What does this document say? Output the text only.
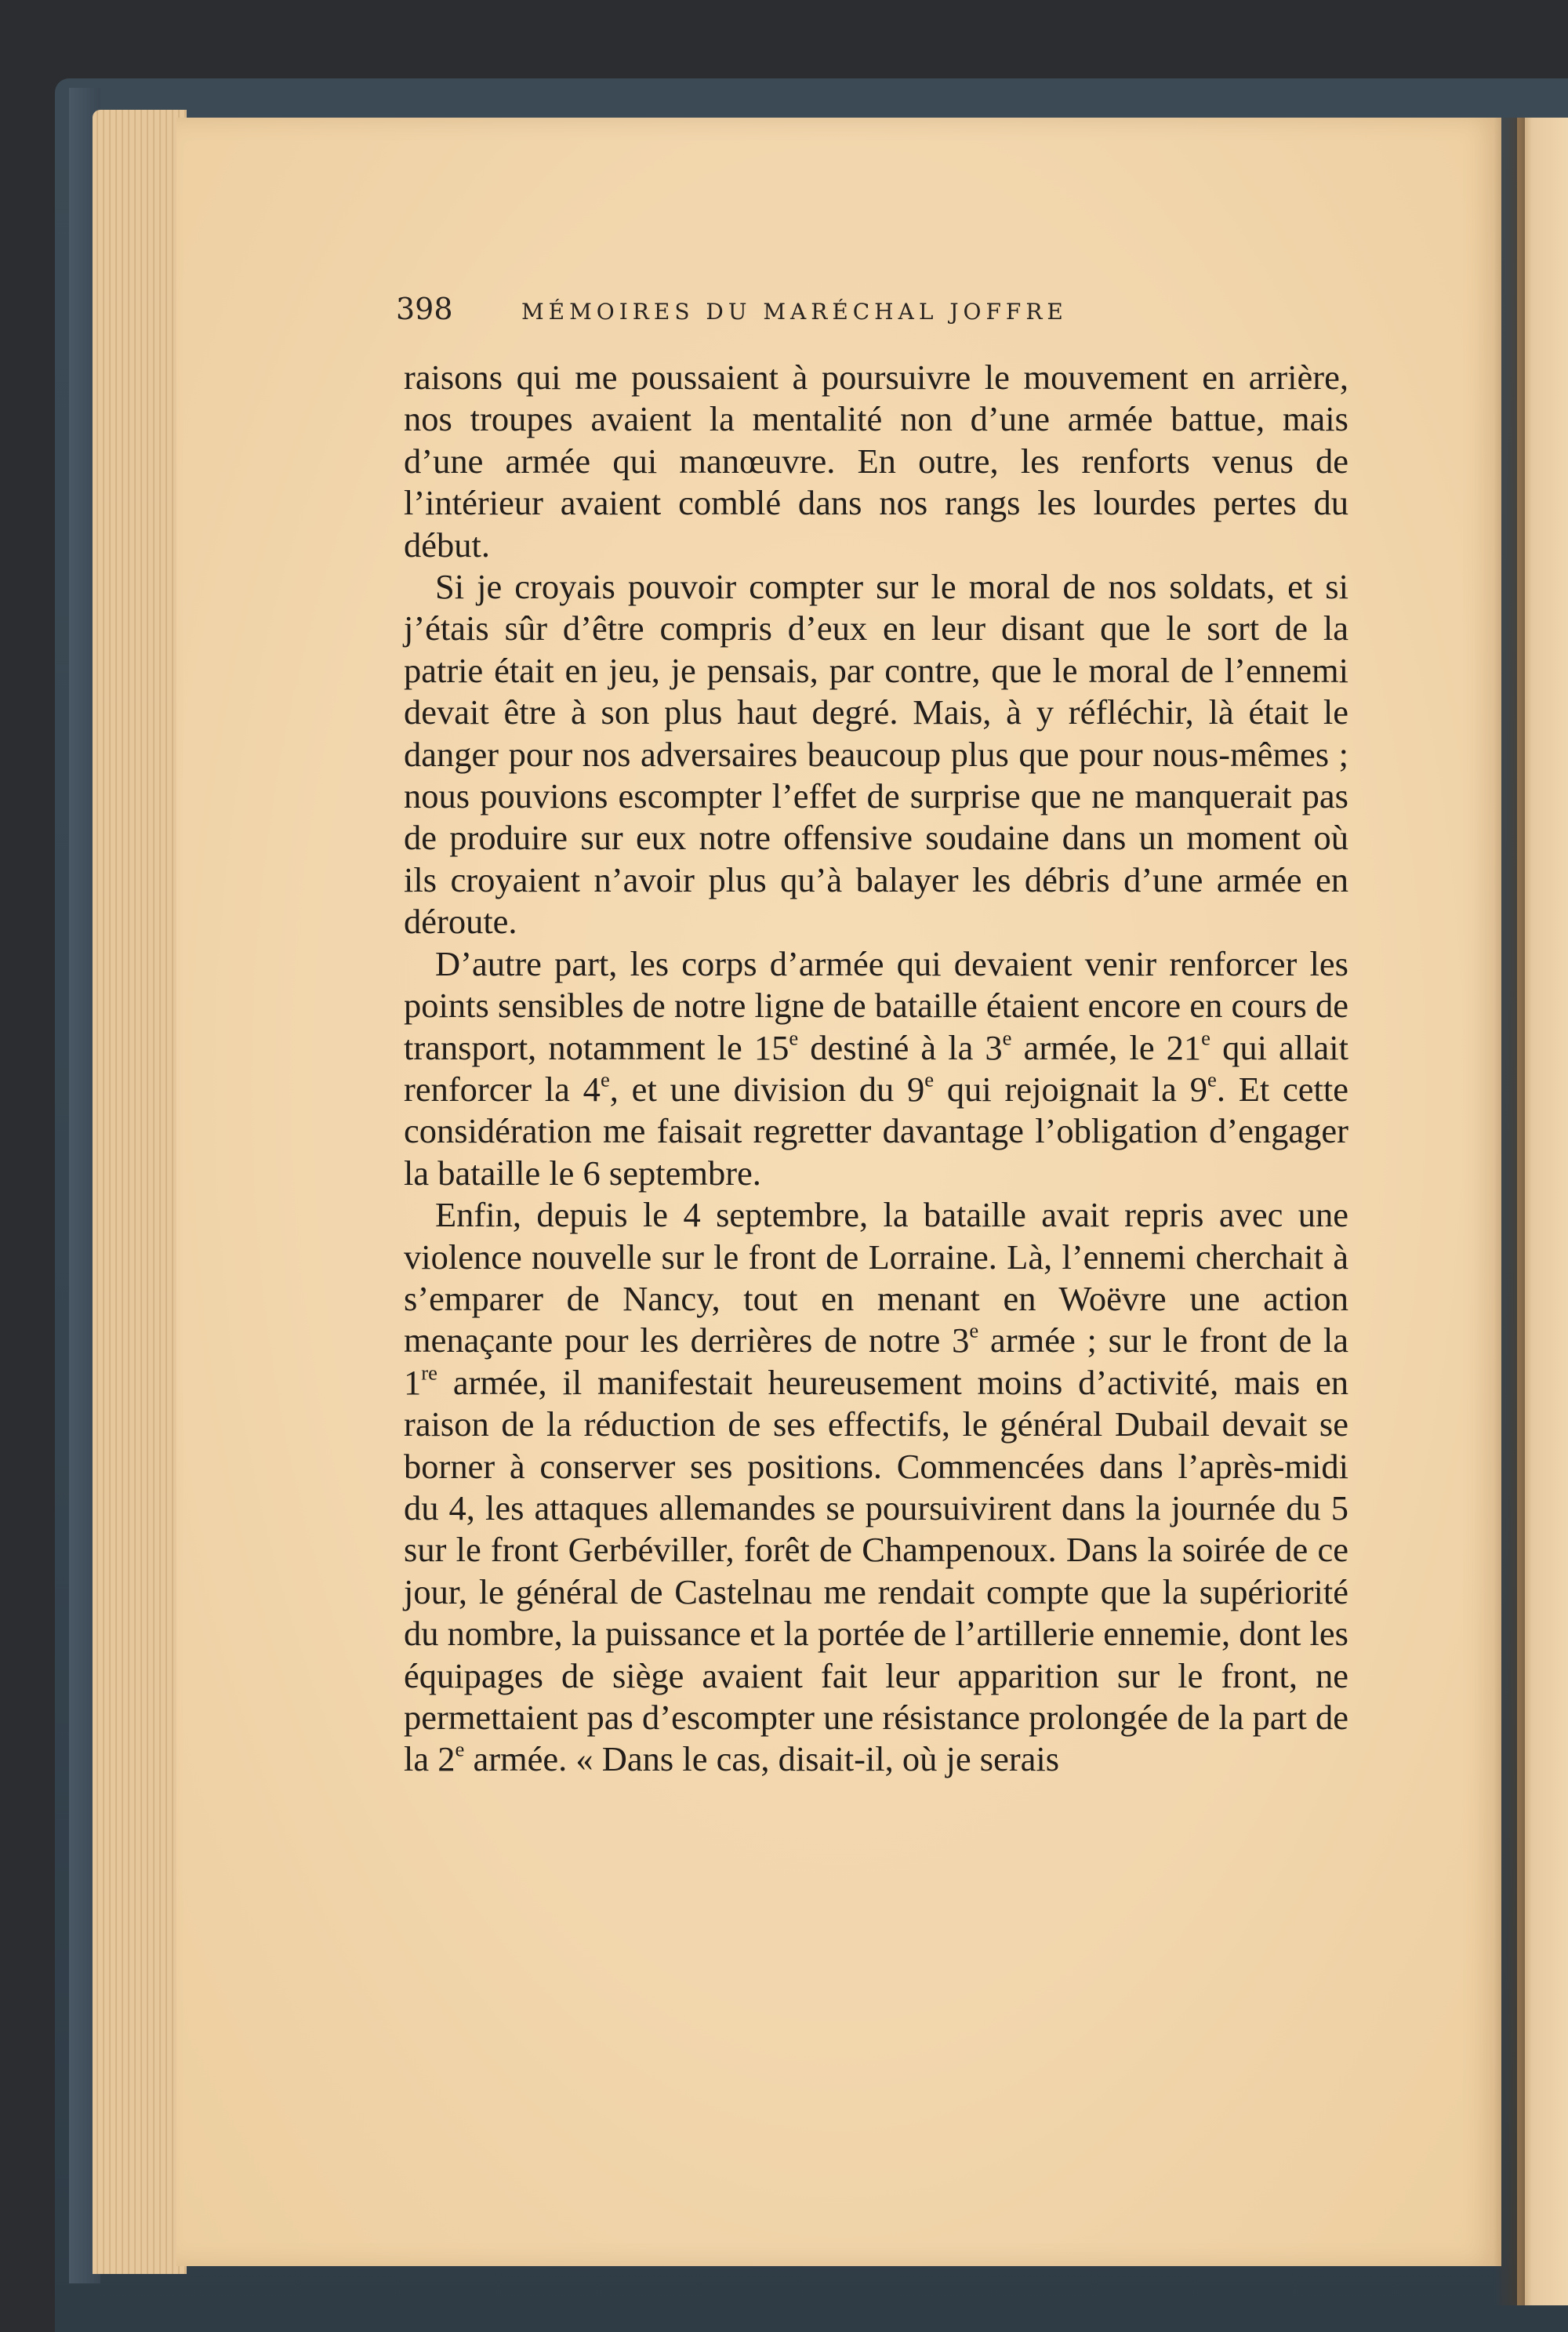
398	MÉMOIRES DU MARÉCHAL JOFFRE

raisons qui me poussaient à poursuivre le mouvement en arrière, nos troupes avaient la mentalité non d’une armée battue, mais d’une armée qui manœuvre. En outre, les renforts venus de l’intérieur avaient comblé dans nos rangs les lourdes pertes du début.

Si je croyais pouvoir compter sur le moral de nos soldats, et si j’étais sûr d’être compris d’eux en leur disant que le sort de la patrie était en jeu, je pensais, par contre, que le moral de l’ennemi devait être à son plus haut degré. Mais, à y réfléchir, là était le danger pour nos adversaires beaucoup plus que pour nous-mêmes ; nous pouvions escompter l’effet de surprise que ne manquerait pas de produire sur eux notre offensive soudaine dans un moment où ils croyaient n’avoir plus qu’à balayer les débris d’une armée en déroute.

D’autre part, les corps d’armée qui devaient venir renforcer les points sensibles de notre ligne de bataille étaient encore en cours de transport, notamment le 15e destiné à la 3e armée, le 21e qui allait renforcer la 4e, et une division du 9e qui rejoignait la 9e. Et cette considération me faisait regretter davantage l’obligation d’engager la bataille le 6 septembre.

Enfin, depuis le 4 septembre, la bataille avait repris avec une violence nouvelle sur le front de Lorraine. Là, l’ennemi cherchait à s’emparer de Nancy, tout en menant en Woëvre une action menaçante pour les derrières de notre 3e armée ; sur le front de la 1re armée, il manifestait heureusement moins d’activité, mais en raison de la réduction de ses effectifs, le général Dubail devait se borner à conserver ses positions. Commencées dans l’après-midi du 4, les attaques allemandes se poursuivirent dans la journée du 5 sur le front Gerbéviller, forêt de Champenoux. Dans la soirée de ce jour, le général de Castelnau me rendait compte que la supériorité du nombre, la puissance et la portée de l’artillerie ennemie, dont les équipages de siège avaient fait leur apparition sur le front, ne permettaient pas d’escompter une résistance prolongée de la part de la 2e armée. « Dans le cas, disait-il, où je serais
